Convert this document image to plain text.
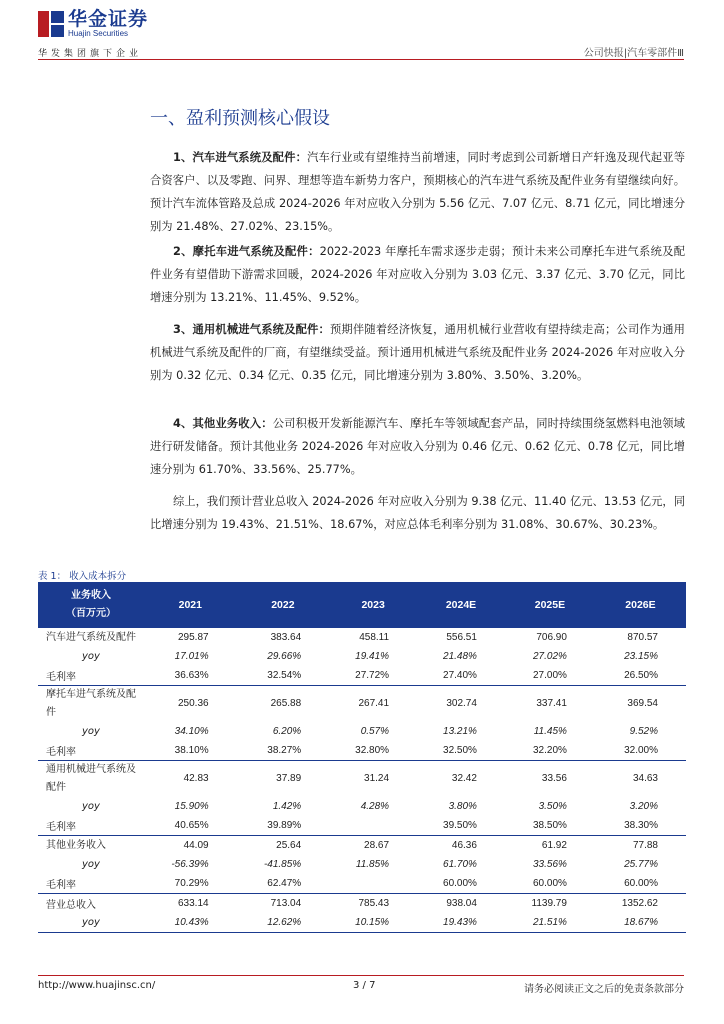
华金证券
Huajin Securities
华发集团旗下企业	公司快报|汽车零部件Ⅲ
一、盈利预测核心假设
1、汽车进气系统及配件：汽车行业或有望维持当前增速，同时考虑到公司新增日产轩逸及现代起亚等合资客户、以及零跑、问界、理想等造车新势力客户，预期核心的汽车进气系统及配件业务有望继续向好。预计汽车流体管路及总成 2024-2026 年对应收入分别为 5.56 亿元、7.07 亿元、8.71 亿元，同比增速分别为 21.48%、27.02%、23.15%。
2、摩托车进气系统及配件：2022-2023 年摩托车需求逐步走弱；预计未来公司摩托车进气系统及配件业务有望借助下游需求回暖，2024-2026 年对应收入分别为 3.03 亿元、3.37 亿元、3.70 亿元，同比增速分别为 13.21%、11.45%、9.52%。
3、通用机械进气系统及配件：预期伴随着经济恢复，通用机械行业营收有望持续走高；公司作为通用机械进气系统及配件的厂商，有望继续受益。预计通用机械进气系统及配件业务 2024-2026 年对应收入分别为 0.32 亿元、0.34 亿元、0.35 亿元，同比增速分别为 3.80%、3.50%、3.20%。
4、其他业务收入：公司积极开发新能源汽车、摩托车等领域配套产品，同时持续围绕氢燃料电池领域进行研发储备。预计其他业务 2024-2026 年对应收入分别为 0.46 亿元、0.62 亿元、0.78 亿元，同比增速分别为 61.70%、33.56%、25.77%。
综上，我们预计营业总收入 2024-2026 年对应收入分别为 9.38 亿元、11.40 亿元、13.53 亿元，同比增速分别为 19.43%、21.51%、18.67%，对应总体毛利率分别为 31.08%、30.67%、30.23%。
表 1： 收入成本拆分
业务收入
（百万元）	2021	2022	2023	2024E	2025E	2026E
汽车进气系统及配件	295.87	383.64	458.11	556.51	706.90	870.57
yoy	17.01%	29.66%	19.41%	21.48%	27.02%	23.15%
毛利率	36.63%	32.54%	27.72%	27.40%	27.00%	26.50%
摩托车进气系统及配件	250.36	265.88	267.41	302.74	337.41	369.54
yoy	34.10%	6.20%	0.57%	13.21%	11.45%	9.52%
毛利率	38.10%	38.27%	32.80%	32.50%	32.20%	32.00%
通用机械进气系统及配件	42.83	37.89	31.24	32.42	33.56	34.63
yoy	15.90%	1.42%	4.28%	3.80%	3.50%	3.20%
毛利率	40.65%	39.89%		39.50%	38.50%	38.30%
其他业务收入	44.09	25.64	28.67	46.36	61.92	77.88
yoy	-56.39%	-41.85%	11.85%	61.70%	33.56%	25.77%
毛利率	70.29%	62.47%		60.00%	60.00%	60.00%
营业总收入	633.14	713.04	785.43	938.04	1139.79	1352.62
yoy	10.43%	12.62%	10.15%	19.43%	21.51%	18.67%
http://www.huajinsc.cn/	3 / 7	请务必阅读正文之后的免责条款部分
